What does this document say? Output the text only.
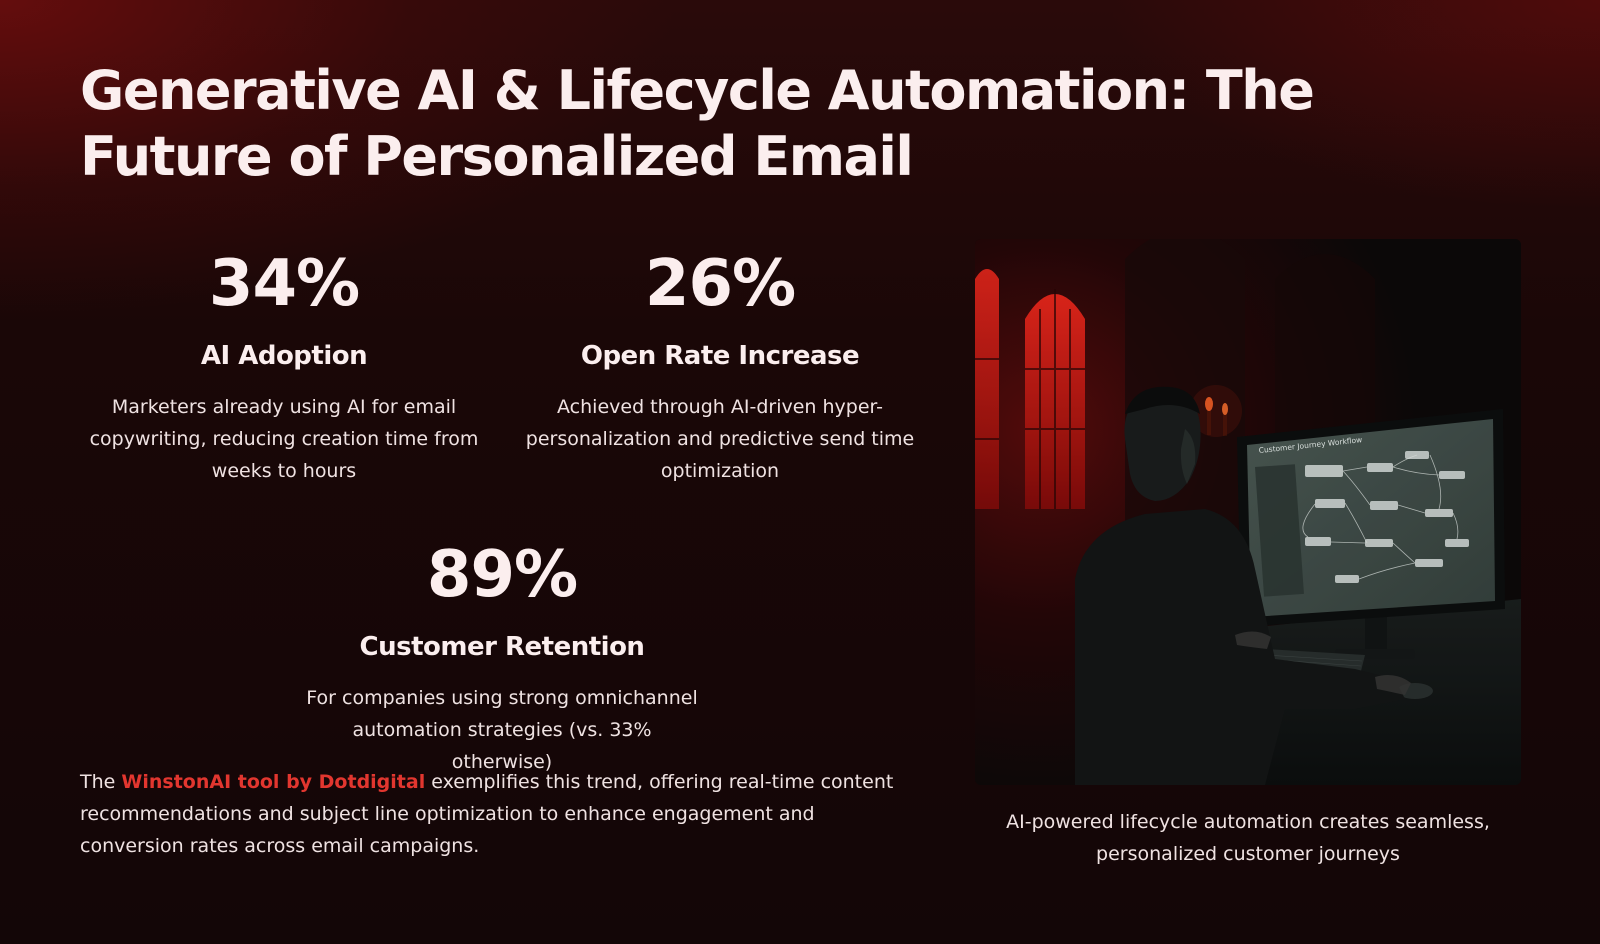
Generative AI & Lifecycle Automation: The Future of Personalized Email
34%
AI Adoption
Marketers already using AI for email copywriting, reducing creation time from weeks to hours
26%
Open Rate Increase
Achieved through AI-driven hyper-personalization and predictive send time optimization
89%
Customer Retention
For companies using strong omnichannel automation strategies (vs. 33% otherwise)

The WinstonAI tool by Dotdigital exemplifies this trend, offering real-time content recommendations and subject line optimization to enhance engagement and conversion rates across email campaigns.

Customer Journey Workflow
AI-powered lifecycle automation creates seamless, personalized customer journeys
